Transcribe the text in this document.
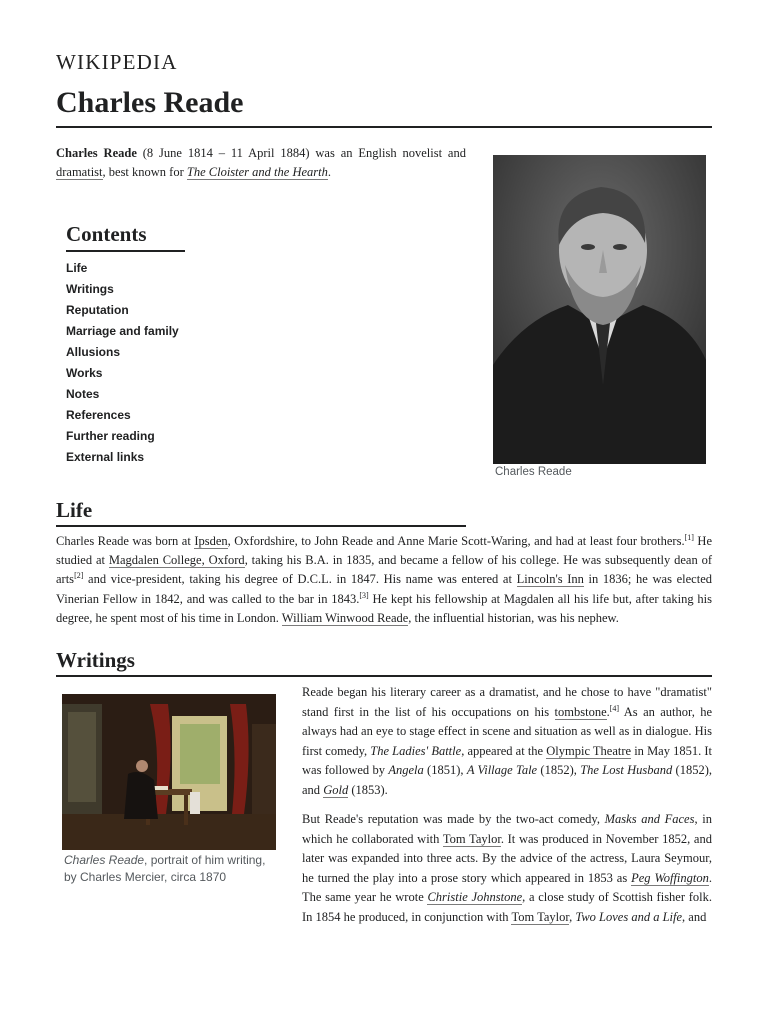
WIKIPEDIA
Charles Reade

Charles Reade (8 June 1814 – 11 April 1884) was an English novelist and dramatist, best known for The Cloister and the Hearth.

Contents
Life
Writings
Reputation
Marriage and family
Allusions
Works
Notes
References
Further reading
External links
Charles Reade
Life

Charles Reade was born at Ipsden, Oxfordshire, to John Reade and Anne Marie Scott-Waring, and had at least four brothers.[1] He studied at Magdalen College, Oxford, taking his B.A. in 1835, and became a fellow of his college. He was subsequently dean of arts[2] and vice-president, taking his degree of D.C.L. in 1847. His name was entered at Lincoln's Inn in 1836; he was elected Vinerian Fellow in 1842, and was called to the bar in 1843.[3] He kept his fellowship at Magdalen all his life but, after taking his degree, he spent most of his time in London. William Winwood Reade, the influential historian, was his nephew.

Writings

Charles Reade, portrait of him writing, by Charles Mercier, circa 1870

Reade began his literary career as a dramatist, and he chose to have "dramatist" stand first in the list of his occupations on his tombstone.[4] As an author, he always had an eye to stage effect in scene and situation as well as in dialogue. His first comedy, The Ladies' Battle, appeared at the Olympic Theatre in May 1851. It was followed by Angela (1851), A Village Tale (1852), The Lost Husband (1852), and Gold (1853).

But Reade's reputation was made by the two-act comedy, Masks and Faces, in which he collaborated with Tom Taylor. It was produced in November 1852, and later was expanded into three acts. By the advice of the actress, Laura Seymour, he turned the play into a prose story which appeared in 1853 as Peg Woffington. The same year he wrote Christie Johnstone, a close study of Scottish fisher folk. In 1854 he produced, in conjunction with Tom Taylor, Two Loves and a Life, and
